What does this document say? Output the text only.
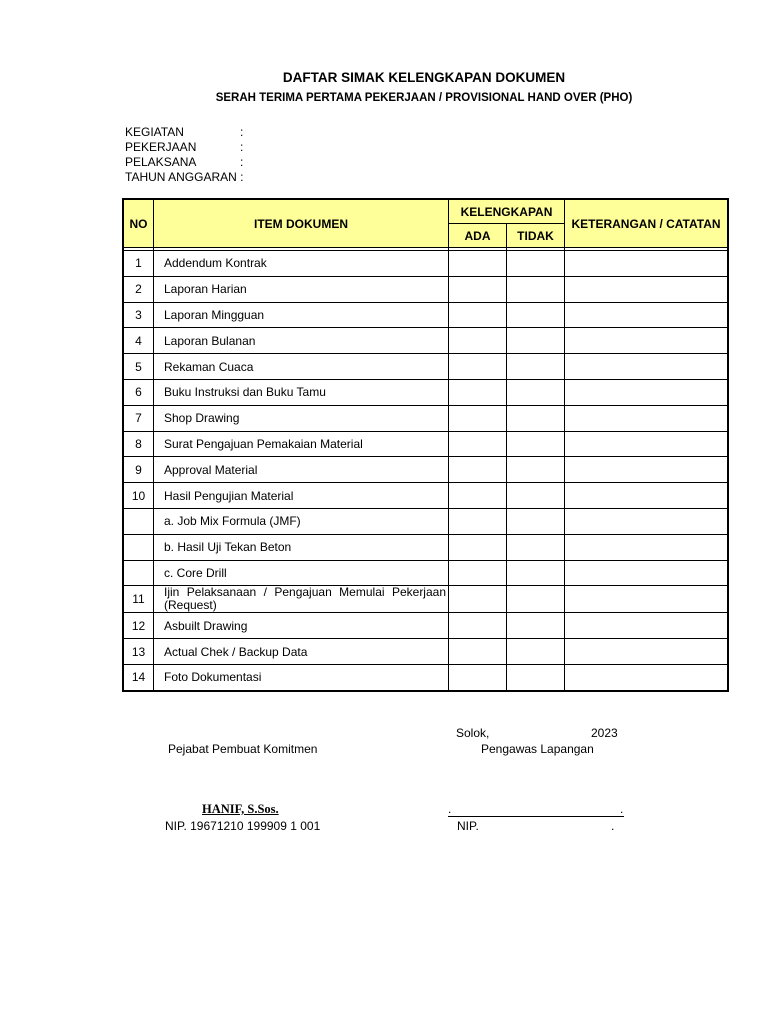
DAFTAR SIMAK KELENGKAPAN DOKUMEN
SERAH TERIMA PERTAMA PEKERJAAN / PROVISIONAL HAND OVER (PHO)
KEGIATAN	:
PEKERJAAN	:
PELAKSANA	:
TAHUN ANGGARAN
:
NO	ITEM DOKUMEN	KELENGKAPAN		KETERANGAN / CATATAN
		ADA	TIDAK	

1	Addendum Kontrak			
2	Laporan Harian			
3	Laporan Mingguan			
4	Laporan Bulanan			
5	Rekaman Cuaca			
6	Buku Instruksi dan Buku Tamu			
7	Shop Drawing			
8	Surat Pengajuan Pemakaian Material			
9	Approval Material			
10	Hasil Pengujian Material			
	a. Job Mix Formula (JMF)			
	b. Hasil Uji Tekan Beton			
	c. Core Drill			
11	Ijin Pelaksanaan / Pengajuan Memulai Pekerjaan (Request)			
12	Asbuilt Drawing			
13	Actual Chek / Backup Data			
14	Foto Dokumentasi			
Solok,	2023
Pejabat Pembuat Komitmen	Pengawas Lapangan
HANIF, S.Sos.	.	.
NIP. 19671210 199909 1 001	NIP.	.
